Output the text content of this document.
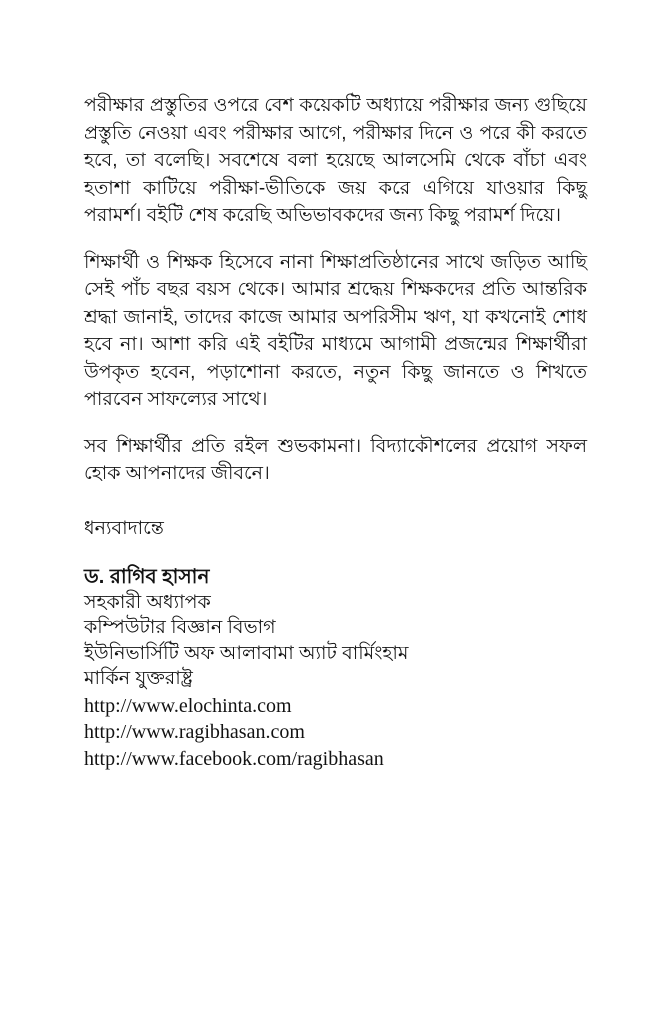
পরীক্ষার প্রস্তুতির ওপরে বেশ কয়েকটি অধ্যায়ে পরীক্ষার জন্য গুছিয়ে প্রস্তুতি নেওয়া এবং পরীক্ষার আগে, পরীক্ষার দিনে ও পরে কী করতে হবে, তা বলেছি। সবশেষে বলা হয়েছে আলসেমি থেকে বাঁচা এবং হতাশা কাটিয়ে পরীক্ষা-ভীতিকে জয় করে এগিয়ে যাওয়ার কিছু পরামর্শ। বইটি শেষ করেছি অভিভাবকদের জন্য কিছু পরামর্শ দিয়ে।

শিক্ষার্থী ও শিক্ষক হিসেবে নানা শিক্ষাপ্রতিষ্ঠানের সাথে জড়িত আছি সেই পাঁচ বছর বয়স থেকে। আমার শ্রদ্ধেয় শিক্ষকদের প্রতি আন্তরিক শ্রদ্ধা জানাই, তাদের কাজে আমার অপরিসীম ঋণ, যা কখনোই শোধ হবে না। আশা করি এই বইটির মাধ্যমে আগামী প্রজন্মের শিক্ষার্থীরা উপকৃত হবেন, পড়াশোনা করতে, নতুন কিছু জানতে ও শিখতে পারবেন সাফল্যের সাথে।

সব শিক্ষার্থীর প্রতি রইল শুভকামনা। বিদ্যাকৌশলের প্রয়োগ সফল হোক আপনাদের জীবনে।

ধন্যবাদান্তে

ড. রাগিব হাসান

সহকারী অধ্যাপক

কম্পিউটার বিজ্ঞান বিভাগ

ইউনিভার্সিটি অফ আলাবামা অ্যাট বার্মিংহাম

মার্কিন যুক্তরাষ্ট্র

http://www.elochinta.com

http://www.ragibhasan.com

http://www.facebook.com/ragibhasan
